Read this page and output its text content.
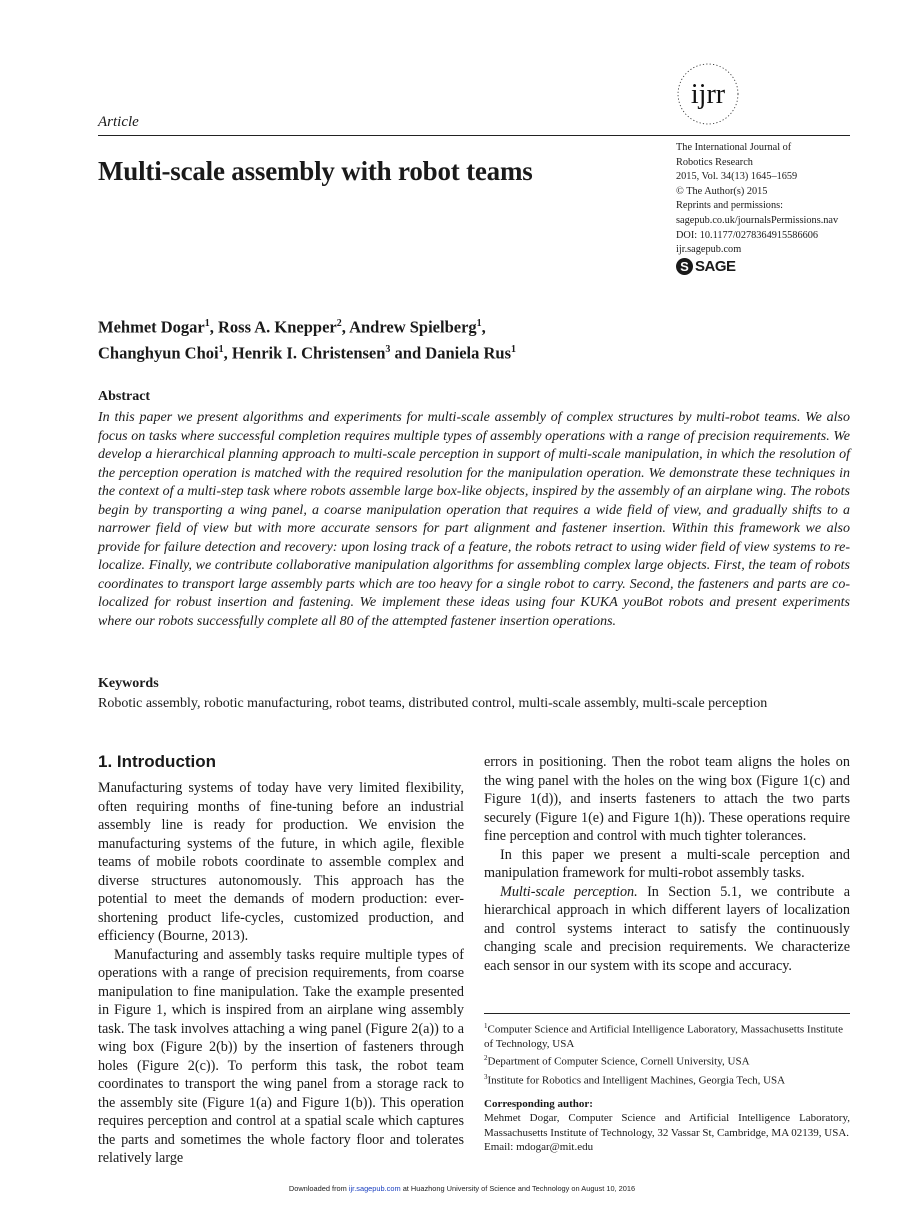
Article
Multi-scale assembly with robot teams
ijrr
The International Journal of
Robotics Research
2015, Vol. 34(13) 1645–1659
© The Author(s) 2015
Reprints and permissions:
sagepub.co.uk/journalsPermissions.nav
DOI: 10.1177/0278364915586606
ijr.sagepub.com
S SAGE
Mehmet Dogar$^1$, Ross A. Knepper$^2$, Andrew Spielberg$^1$,
Changhyun Choi$^1$, Henrik I. Christensen$^3$ and Daniela Rus$^1$
Abstract
In this paper we present algorithms and experiments for multi-scale assembly of complex structures by multi-robot teams. We also focus on tasks where successful completion requires multiple types of assembly operations with a range of precision requirements. We develop a hierarchical planning approach to multi-scale perception in support of multi-scale manipulation, in which the resolution of the perception operation is matched with the required resolution for the manipulation operation. We demonstrate these techniques in the context of a multi-step task where robots assemble large box-like objects, inspired by the assembly of an airplane wing. The robots begin by transporting a wing panel, a coarse manipulation operation that requires a wide field of view, and gradually shifts to a narrower field of view but with more accurate sensors for part alignment and fastener insertion. Within this framework we also provide for failure detection and recovery: upon losing track of a feature, the robots retract to using wider field of view systems to re-localize. Finally, we contribute collaborative manipulation algorithms for assembling complex large objects. First, the team of robots coordinates to transport large assembly parts which are too heavy for a single robot to carry. Second, the fasteners and parts are co-localized for robust insertion and fastening. We implement these ideas using four KUKA youBot robots and present experiments where our robots successfully complete all 80 of the attempted fastener insertion operations.
Keywords
Robotic assembly, robotic manufacturing, robot teams, distributed control, multi-scale assembly, multi-scale perception
1. Introduction

Manufacturing systems of today have very limited flexibility, often requiring months of fine-tuning before an industrial assembly line is ready for production. We envision the manufacturing systems of the future, in which agile, flexible teams of mobile robots coordinate to assemble complex and diverse structures autonomously. This approach has the potential to meet the demands of modern production: ever-shortening product life-cycles, customized production, and efficiency (Bourne, 2013).

Manufacturing and assembly tasks require multiple types of operations with a range of precision requirements, from coarse manipulation to fine manipulation. Take the example presented in Figure 1, which is inspired from an airplane wing assembly task. The task involves attaching a wing panel (Figure 2(a)) to a wing box (Figure 2(b)) by the insertion of fasteners through holes (Figure 2(c)). To perform this task, the robot team coordinates to transport the wing panel from a storage rack to the assembly site (Figure 1(a) and Figure 1(b)). This operation requires perception and control at a spatial scale which captures the parts and sometimes the whole factory floor and tolerates relatively large

errors in positioning. Then the robot team aligns the holes on the wing panel with the holes on the wing box (Figure 1(c) and Figure 1(d)), and inserts fasteners to attach the two parts securely (Figure 1(e) and Figure 1(h)). These operations require fine perception and control with much tighter tolerances.

In this paper we present a multi-scale perception and manipulation framework for multi-robot assembly tasks.

Multi-scale perception. In Section 5.1, we contribute a hierarchical approach in which different layers of localization and control systems interact to satisfy the continuously changing scale and precision requirements. We characterize each sensor in our system with its scope and accuracy.

$^1$Computer Science and Artificial Intelligence Laboratory, Massachusetts Institute of Technology, USA
$^2$Department of Computer Science, Cornell University, USA
$^3$Institute for Robotics and Intelligent Machines, Georgia Tech, USA
Corresponding author:
Mehmet Dogar, Computer Science and Artificial Intelligence Laboratory, Massachusetts Institute of Technology, 32 Vassar St, Cambridge, MA 02139, USA.
Email: mdogar@mit.edu
Downloaded from ijr.sagepub.com at Huazhong University of Science and Technology on August 10, 2016
